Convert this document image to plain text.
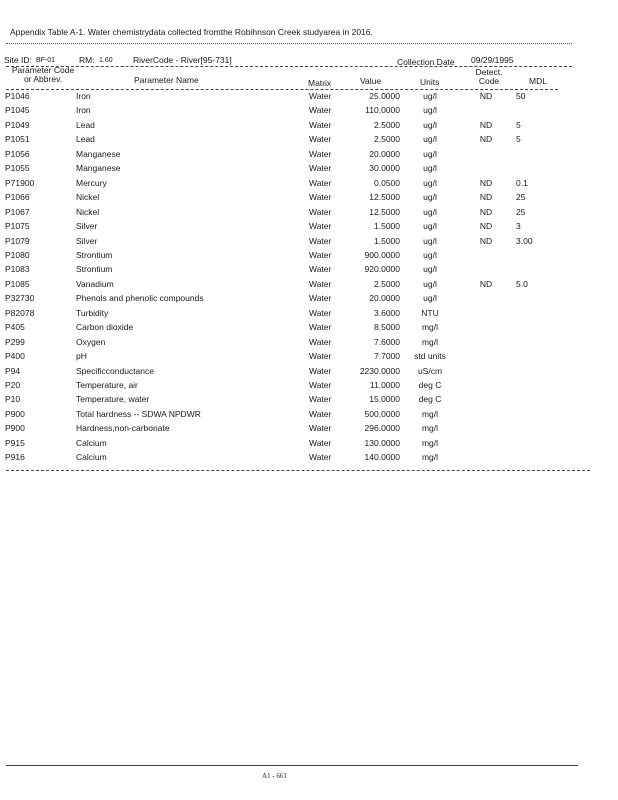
Appendix Table A-1. Water chemistrydata collected fromthe Robihnson Creek studyarea in 2016.
Site ID: BF-01	RM: 1.60 RiverCode - River[95-731]	Collection Date 09/29/1995
Parameter Code
or Abbrev.	Parameter Name	Matrix	Value	Units
Detect.
Code	MDL
P1046	Iron	Water	25.0000	ug/l	ND	50
P1045	Iron	Water	110.0000	ug/l
P1049	Lead	Water	2.5000	ug/l	ND	5
P1051	Lead	Water	2.5000	ug/l	ND	5
P1056	Manganese	Water	20.0000	ug/l
P1055	Manganese	Water	30.0000	ug/l
P71900	Mercury	Water	0.0500	ug/l	ND	0.1
P1066	Nickel	Water	12.5000	ug/l	ND	25
P1067	Nickel	Water	12.5000	ug/l	ND	25
P1075	Silver	Water	1.5000	ug/l	ND	3
P1079	Silver	Water	1.5000	ug/l	ND	3.00
P1080	Strontium	Water	900.0000	ug/l
P1083	Strontium	Water	920.0000	ug/l
P1085	Vanadium	Water	2.5000	ug/l	ND	5.0
P32730	Phenols and phenolic compounds	Water	20.0000	ug/l
P82078	Turbidity	Water	3.6000	NTU
P405	Carbon dioxide	Water	8.5000	mg/l
P299	Oxygen	Water	7.6000	mg/l
P400	pH	Water	7.7000	std units
P94	Specificconductance	Water	2230.0000	uS/cm
P20	Temperature, air	Water	11.0000	deg C
P10	Temperature, water	Water	15.0000	deg C
P900	Total hardness -- SDWA NPDWR	Water	500.0000	mg/l
P900	Hardness,non-carbonate	Water	296.0000	mg/l
P915	Calcium	Water	130.0000	mg/l
P916	Calcium	Water	140.0000	mg/l
A1 - 661
